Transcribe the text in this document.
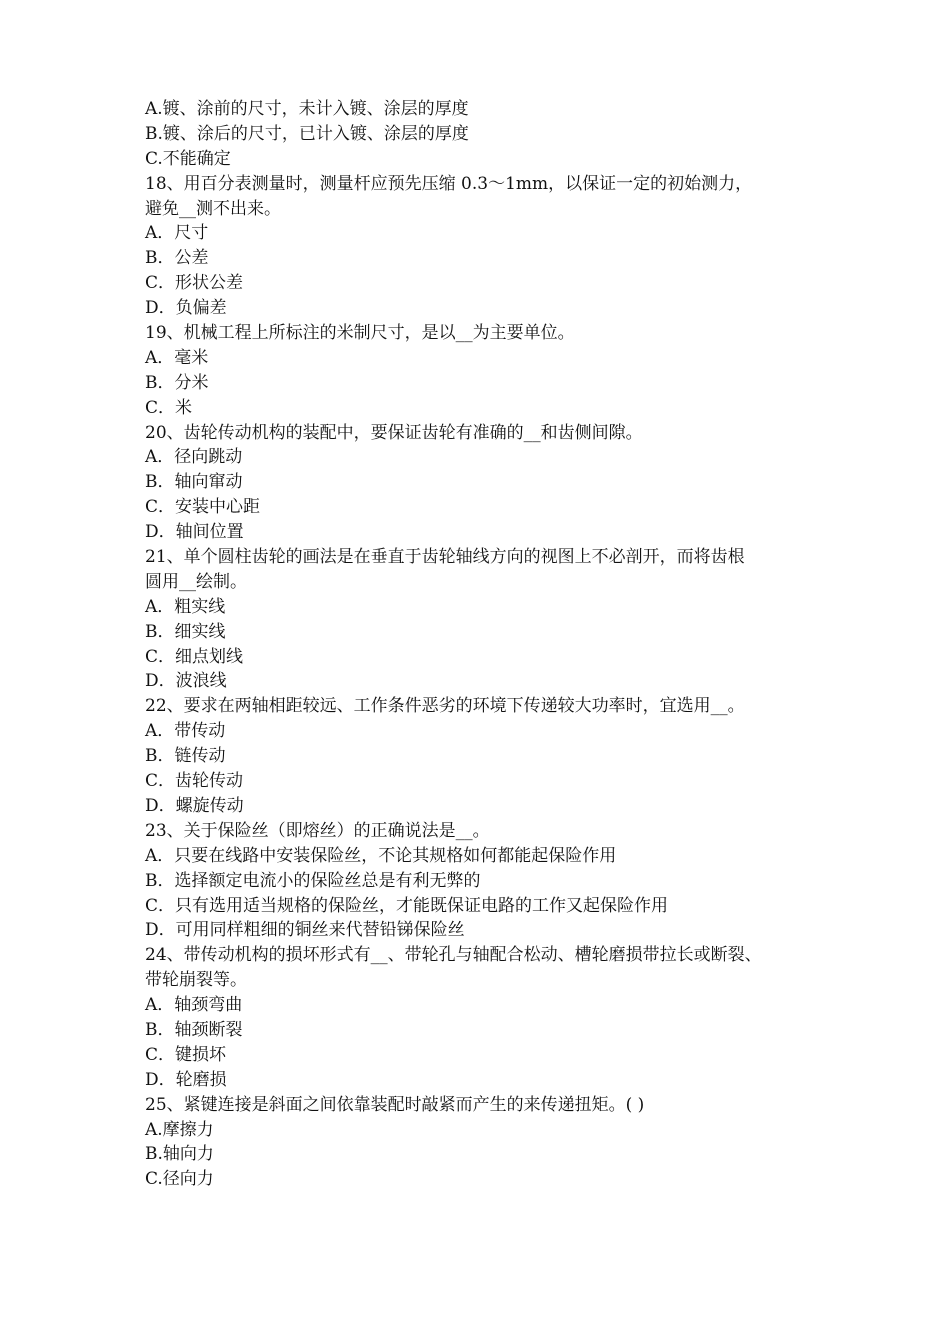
A.镀、涂前的尺寸，未计入镀、涂层的厚度
B.镀、涂后的尺寸，已计入镀、涂层的厚度
C.不能确定
18、用百分表测量时，测量杆应预先压缩 0.3～1mm，以保证一定的初始测力，
避免__测不出来。
A．尺寸
B．公差
C．形状公差
D．负偏差
19、机械工程上所标注的米制尺寸，是以__为主要单位。
A．毫米
B．分米
C．米
20、齿轮传动机构的装配中，要保证齿轮有准确的__和齿侧间隙。
A．径向跳动
B．轴向窜动
C．安装中心距
D．轴间位置
21、单个圆柱齿轮的画法是在垂直于齿轮轴线方向的视图上不必剖开，而将齿根
圆用__绘制。
A．粗实线
B．细实线
C．细点划线
D．波浪线
22、要求在两轴相距较远、工作条件恶劣的环境下传递较大功率时，宜选用__。
A．带传动
B．链传动
C．齿轮传动
D．螺旋传动
23、关于保险丝（即熔丝）的正确说法是__。
A．只要在线路中安装保险丝，不论其规格如何都能起保险作用
B．选择额定电流小的保险丝总是有利无弊的
C．只有选用适当规格的保险丝，才能既保证电路的工作又起保险作用
D．可用同样粗细的铜丝来代替铅锑保险丝
24、带传动机构的损坏形式有__、带轮孔与轴配合松动、槽轮磨损带拉长或断裂、
带轮崩裂等。
A．轴颈弯曲
B．轴颈断裂
C．键损坏
D．轮磨损
25、紧键连接是斜面之间依靠装配时敲紧而产生的来传递扭矩。( )
A.摩擦力
B.轴向力
C.径向力
